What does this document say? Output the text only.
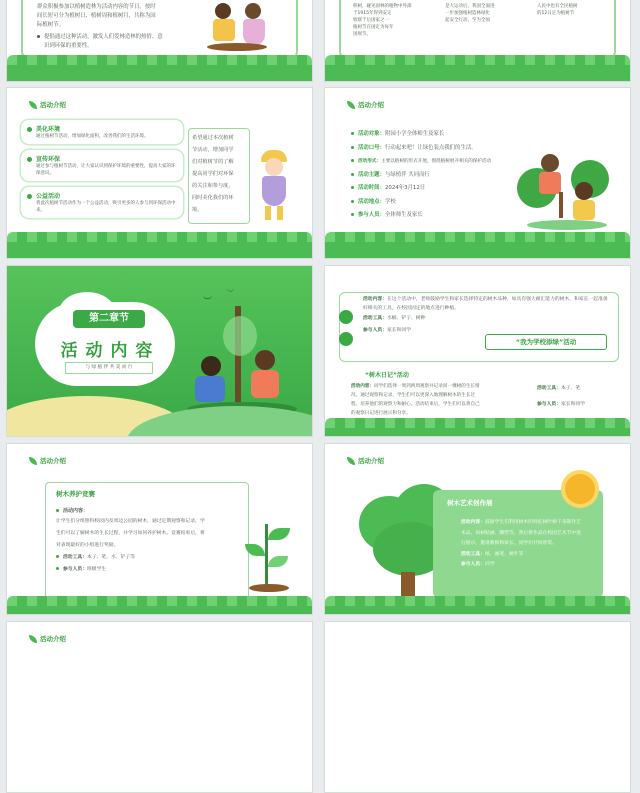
群众积极参加以植树造林为活动内容的节日，按时
间长短可分为植树日、植树周和植树月，共称为国
际植树节。
提倡通过这种活动，激发人们爱林造林的热情、意
识到环保的重要性。
积树，碰见国林的植物中外部
于1915年得到安定
始联于后国家之一
植树节在国定为每年
国规节。
是大运动后，我国全面进
一步加强植树造林绿化
起安全行动，至为全国
人民中也有全民植树
的12日定为植树节
活动介绍
美化环境
通过植树节活动，增加绿化面积，改善我们的生活环境。
宣传环保
通过参与植树节活动，让大家认识到保护环境的重要性，提高大家的环保意识。
公益活动
将此次植树节活动作为一个公益活动，吸引更多的人参与到环保活动中来。
希望通过本次植树
节活动，增加同学
们对植树节的了解
提高同学们对环保
的关注和参与度，
同时美化我们的环
境。
活动介绍
活动对象：附园小学全体师生及家长
活动口号：行动起来吧！让绿色装点我们的生活。
活动形式：主要以植树的形式开展，围绕植树展开相关的保护活动
活动主题：与绿植伴 共同而行
活动时间：2024年3月12日
活动地点：学校
参与人员：全体师生及家长
第二章节
活 动 内 容
与 绿 植 伴 共 美 而 行
︶
︶
活动内容：在这个活动中，老师鼓励学生和家长选择特定的树木品种，如具有强大耐汇能力的树木，和家长一起准备好相关的工具，在校园固定的地点进行种植。
活动工具：水桶、铲子、树种
参与人员：家长和同学
“我为学校添绿”活动
“树木日记”活动
活动内容：同学们选择一周到两周观察并记录同一棵树的生长情况。通过观察和记录，学生们可以更深入地理解树木的生长过程，培养他们的观察力和耐心。活动结束后，学生们可以将自己的观察日记进行展示和分享。
活动工具：本子、笔
参与人员：家长和同学
活动介绍
树木养护竞赛
活动内容：
让学生们分组照料校园内及周边公园的树木，通过定期观察和记录，学生们可以了解树木的生长过程，并学习如何养护树木。竞赛结束后，将对表现最好的小组进行奖励。
活动工具：本子、笔、水、铲子等
参与人员：班级学生
活动介绍
树木艺术创作展
活动内容：鼓励学生们利用树木的特征树叶树干来制作艺术品，如树贴画、雕塑等。然后将作品在校园艺术节中进行展示，邀请教师和家长、同学们共同欣赏。
活动工具：纸、画笔、树叶等
参与人员：同学
活动介绍
